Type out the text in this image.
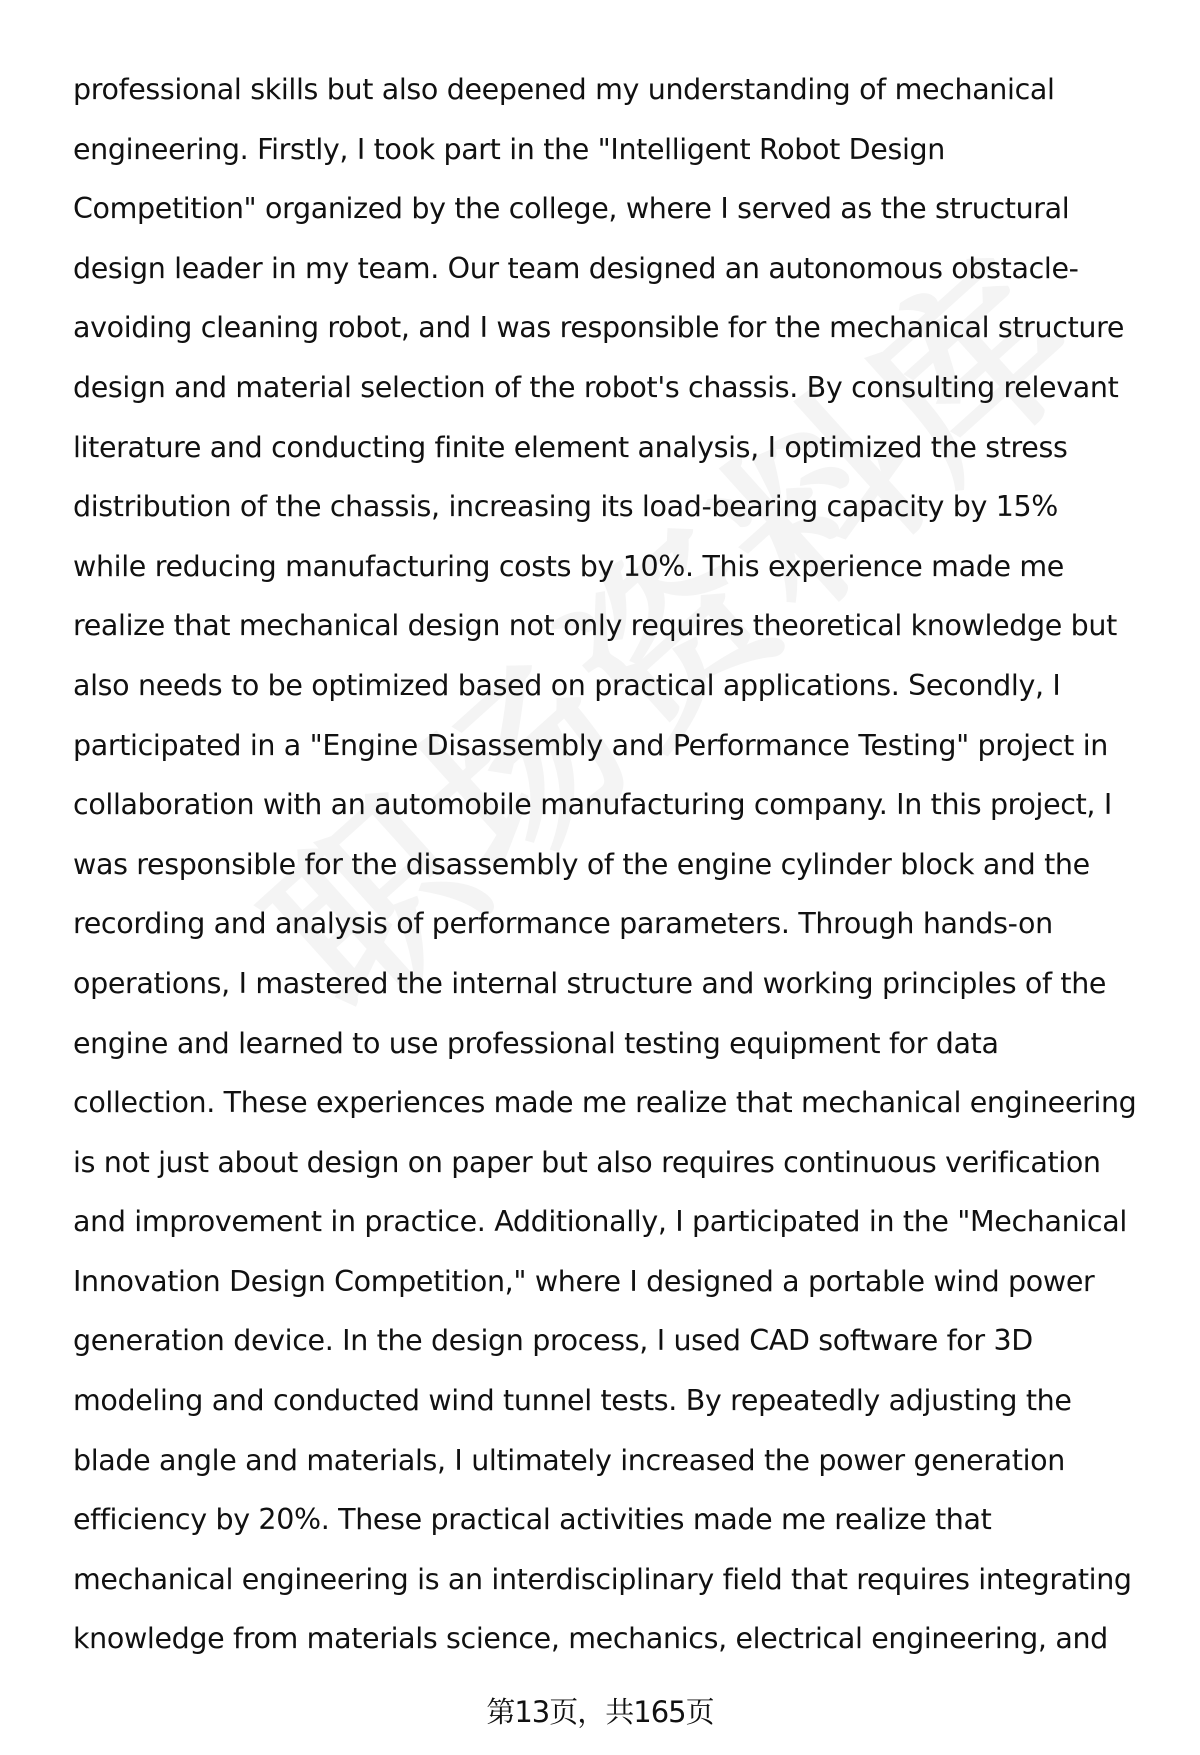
professional skills but also deepened my understanding of mechanical
engineering. Firstly, I took part in the "Intelligent Robot Design
Competition" organized by the college, where I served as the structural
design leader in my team. Our team designed an autonomous obstacle-
avoiding cleaning robot, and I was responsible for the mechanical structure
design and material selection of the robot's chassis. By consulting relevant
literature and conducting finite element analysis, I optimized the stress
distribution of the chassis, increasing its load-bearing capacity by 15%
while reducing manufacturing costs by 10%. This experience made me
realize that mechanical design not only requires theoretical knowledge but
also needs to be optimized based on practical applications. Secondly, I
participated in a "Engine Disassembly and Performance Testing" project in
collaboration with an automobile manufacturing company. In this project, I
was responsible for the disassembly of the engine cylinder block and the
recording and analysis of performance parameters. Through hands-on
operations, I mastered the internal structure and working principles of the
engine and learned to use professional testing equipment for data
collection. These experiences made me realize that mechanical engineering
is not just about design on paper but also requires continuous verification
and improvement in practice. Additionally, I participated in the "Mechanical
Innovation Design Competition," where I designed a portable wind power
generation device. In the design process, I used CAD software for 3D
modeling and conducted wind tunnel tests. By repeatedly adjusting the
blade angle and materials, I ultimately increased the power generation
efficiency by 20%. These practical activities made me realize that
mechanical engineering is an interdisciplinary field that requires integrating
knowledge from materials science, mechanics, electrical engineering, and
第13页，共165页
